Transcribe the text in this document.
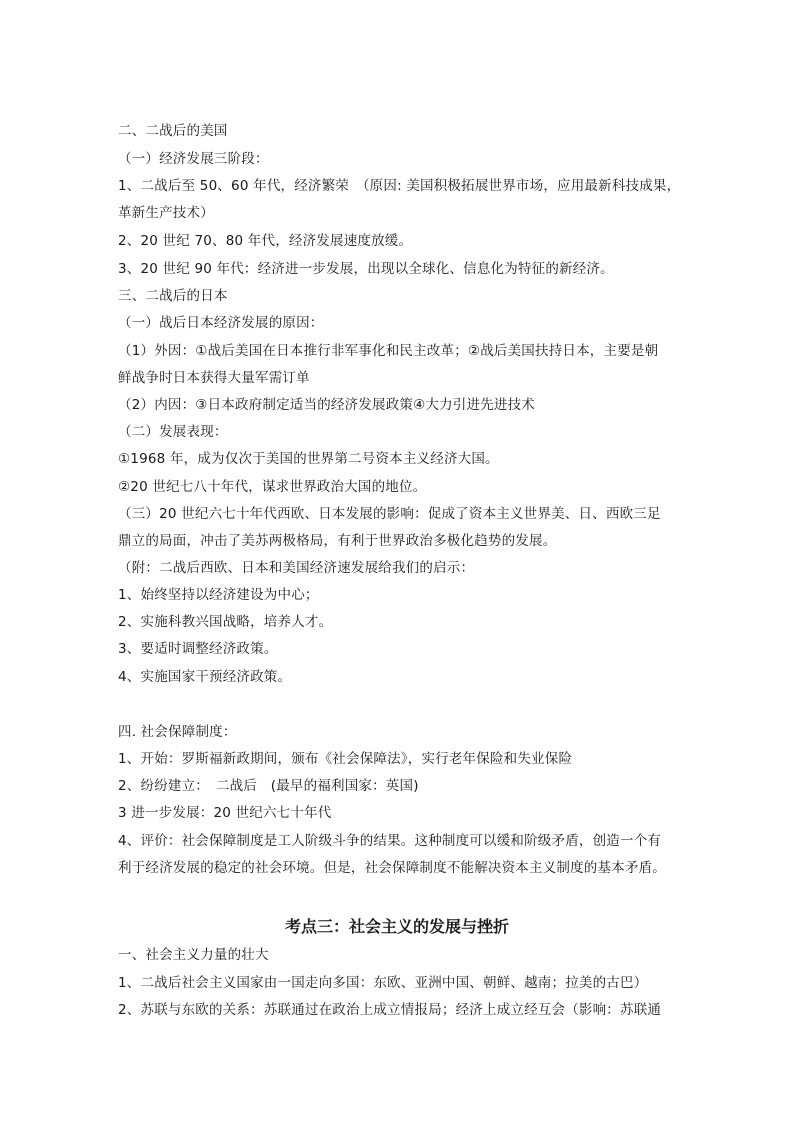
二、二战后的美国
（一）经济发展三阶段：
1、二战后至 50、60 年代，经济繁荣　（原因: 美国积极拓展世界市场，应用最新科技成果，
革新生产技术）
2、20 世纪 70、80 年代，经济发展速度放缓。
3、20 世纪 90 年代：经济进一步发展，出现以全球化、信息化为特征的新经济。
三、二战后的日本
（一）战后日本经济发展的原因：
（1）外因：①战后美国在日本推行非军事化和民主改革；②战后美国扶持日本，主要是朝
鲜战争时日本获得大量军需订单
（2）内因：③日本政府制定适当的经济发展政策④大力引进先进技术
（二）发展表现：
①1968 年，成为仅次于美国的世界第二号资本主义经济大国。
②20 世纪七八十年代，谋求世界政治大国的地位。
（三）20 世纪六七十年代西欧、日本发展的影响：促成了资本主义世界美、日、西欧三足
鼎立的局面，冲击了美苏两极格局，有利于世界政治多极化趋势的发展。
（附：二战后西欧、日本和美国经济速发展给我们的启示：
1、始终坚持以经济建设为中心；
2、实施科教兴国战略，培养人才。
3、要适时调整经济政策。
4、实施国家干预经济政策。
四. 社会保障制度：
1、开始：罗斯福新政期间，颁布《社会保障法》，实行老年保险和失业保险
2、纷纷建立：　二战后　(最早的福利国家：英国)
3 进一步发展：20 世纪六七十年代
4、评价：社会保障制度是工人阶级斗争的结果。这种制度可以缓和阶级矛盾，创造一个有
利于经济发展的稳定的社会环境。但是，社会保障制度不能解决资本主义制度的基本矛盾。
考点三：社会主义的发展与挫折
一、社会主义力量的壮大
1、二战后社会主义国家由一国走向多国：东欧、亚洲中国、朝鲜、越南；拉美的古巴）
2、苏联与东欧的关系：苏联通过在政治上成立情报局；经济上成立经互会（影响：苏联通
